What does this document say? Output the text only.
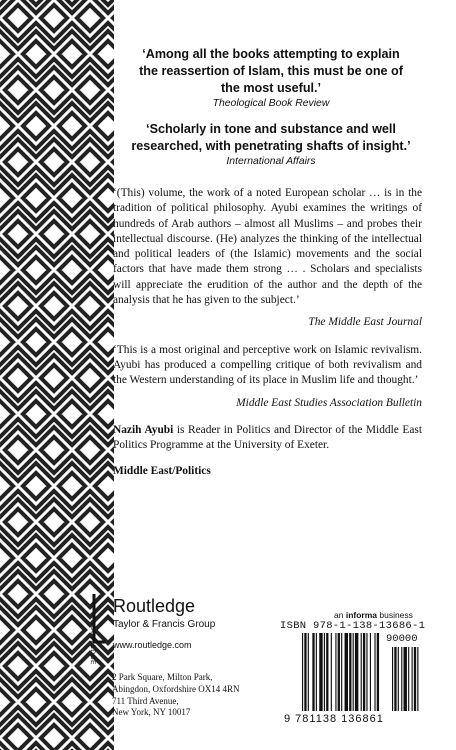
‘Among all the books attempting to explain
the reassertion of Islam, this must be one of
the most useful.’
Theological Book Review
‘Scholarly in tone and substance and well
researched, with penetrating shafts of insight.’
International Affairs

‘(This) volume, the work of a noted European scholar … is in the tradition of political philosophy. Ayubi examines the writings of hundreds of Arab authors – almost all Muslims – and probes their intellectual discourse. (He) analyzes the thinking of the intellectual and political leaders of (the Islamic) movements and the social factors that have made them strong … . Scholars and specialists will appreciate the erudition of the author and the depth of the analysis that he has given to the subject.’

The Middle East Journal

‘This is a most original and perceptive work on Islamic revivalism. Ayubi has produced a compelling critique of both revivalism and the Western understanding of its place in Muslim life and thought.’

Middle East Studies Association Bulletin

Nazih Ayubi is Reader in Politics and Director of the Middle East Politics Programme at the University of Exeter.

Middle East/Politics

ROUTLEDGE
Routledge
Taylor & Francis Group
www.routledge.com
2 Park Square, Milton Park,
Abingdon, Oxfordshire OX14 4RN
711 Third Avenue,
New York, NY 10017
an informa business
ISBN 978-1-138-13686-1
90000
9 781138 136861
